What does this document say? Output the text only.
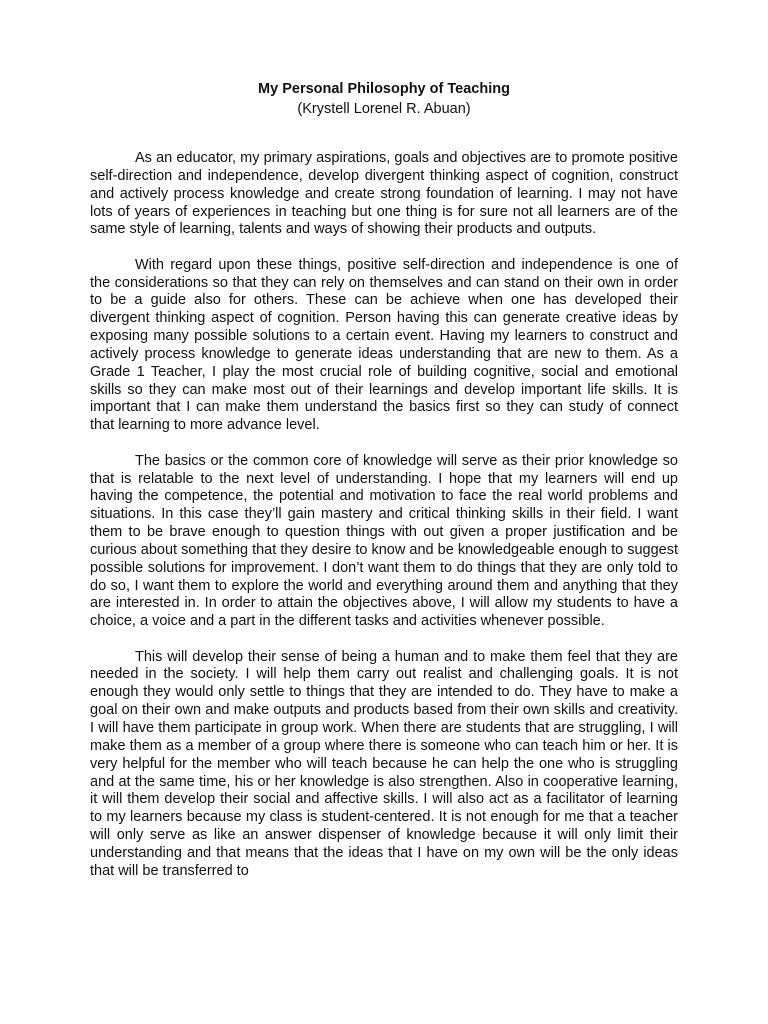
My Personal Philosophy of Teaching

(Krystell Lorenel R. Abuan)

As an educator, my primary aspirations, goals and objectives are to promote positive self-direction and independence, develop divergent thinking aspect of cognition, construct and actively process knowledge and create strong foundation of learning. I may not have lots of years of experiences in teaching but one thing is for sure not all learners are of the same style of learning, talents and ways of showing their products and outputs.

With regard upon these things, positive self-direction and independence is one of the considerations so that they can rely on themselves and can stand on their own in order to be a guide also for others. These can be achieve when one has developed their divergent thinking aspect of cognition. Person having this can generate creative ideas by exposing many possible solutions to a certain event. Having my learners to construct and actively process knowledge to generate ideas understanding that are new to them. As a Grade 1 Teacher, I play the most crucial role of building cognitive, social and emotional skills so they can make most out of their learnings and develop important life skills. It is important that I can make them understand the basics first so they can study of connect that learning to more advance level.

The basics or the common core of knowledge will serve as their prior knowledge so that is relatable to the next level of understanding. I hope that my learners will end up having the competence, the potential and motivation to face the real world problems and situations. In this case they’ll gain mastery and critical thinking skills in their field. I want them to be brave enough to question things with out given a proper justification and be curious about something that they desire to know and be knowledgeable enough to suggest possible solutions for improvement. I don’t want them to do things that they are only told to do so, I want them to explore the world and everything around them and anything that they are interested in. In order to attain the objectives above, I will allow my students to have a choice, a voice and a part in the different tasks and activities whenever possible.

This will develop their sense of being a human and to make them feel that they are needed in the society. I will help them carry out realist and challenging goals. It is not enough they would only settle to things that they are intended to do. They have to make a goal on their own and make outputs and products based from their own skills and creativity. I will have them participate in group work. When there are students that are struggling, I will make them as a member of a group where there is someone who can teach him or her. It is very helpful for the member who will teach because he can help the one who is struggling and at the same time, his or her knowledge is also strengthen. Also in cooperative learning, it will them develop their social and affective skills. I will also act as a facilitator of learning to my learners because my class is student-centered. It is not enough for me that a teacher will only serve as like an answer dispenser of knowledge because it will only limit their understanding and that means that the ideas that I have on my own will be the only ideas that will be transferred to
